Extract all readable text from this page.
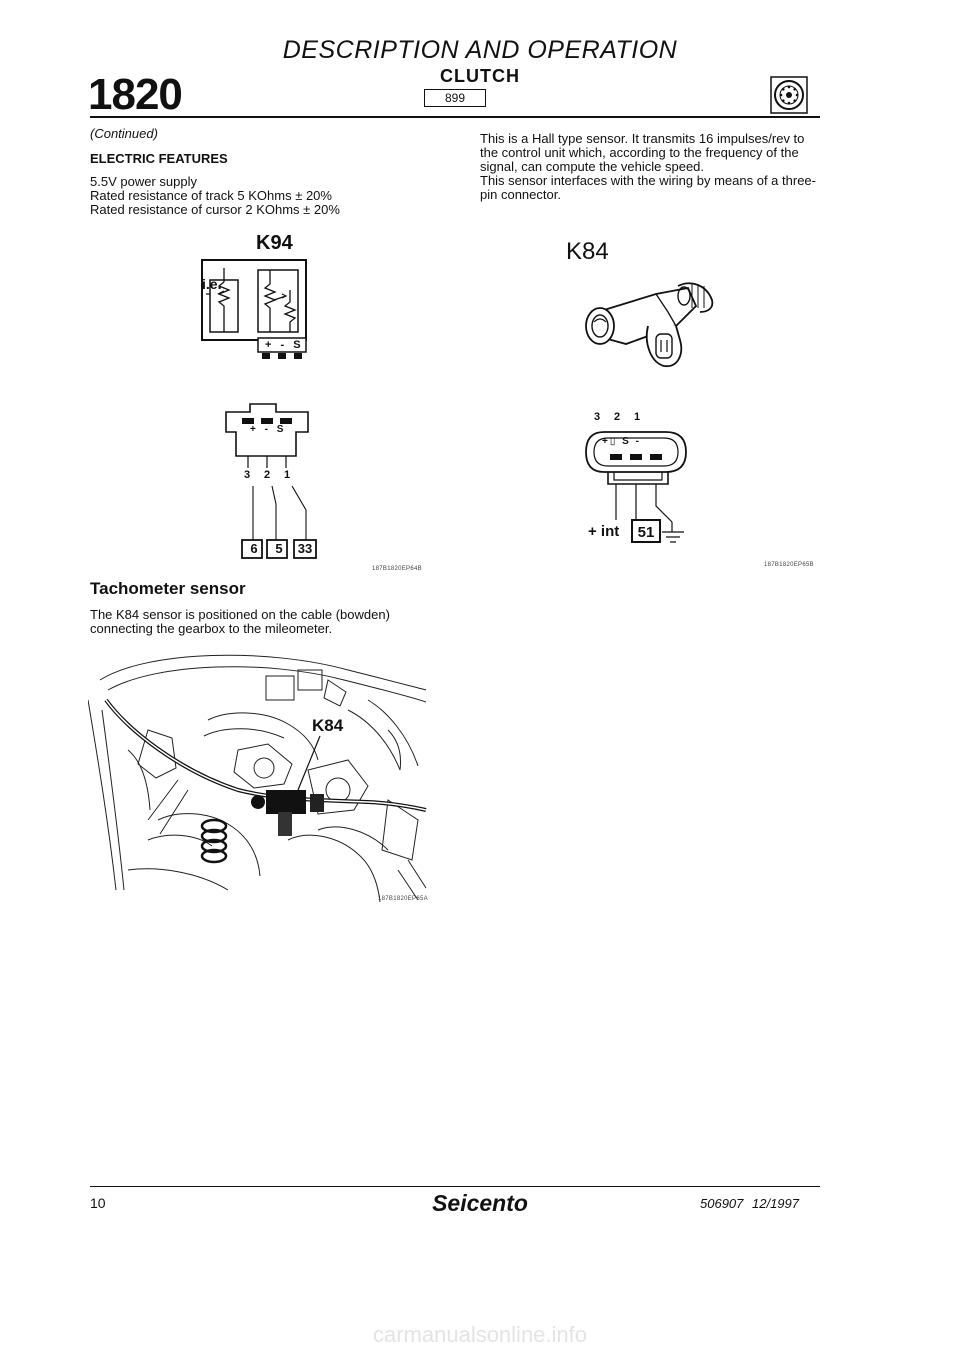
DESCRIPTION AND OPERATION
CLUTCH
899
1820
(Continued)
ELECTRIC FEATURES
5.5V power supply
Rated resistance of track 5 KOhms ± 20%
Rated resistance of cursor 2 KOhms ± 20%
This is a Hall type sensor. It transmits 16 impulses/rev to the control unit which, according to the frequency of the signal, can compute the vehicle speed.
This sensor interfaces with the wiring by means of a three-pin connector.
K94
i.e.
+ - S
+ - S
3 2 1
6	5	33
187B1820EP64B
K84
3 2 1
+▯ S -
+ int	51
187B1820EP65B
Tachometer sensor
The K84 sensor is positioned on the cable (bowden) connecting the gearbox to the mileometer.
K84
187B1820EP65A
10	Seicento	506907 12/1997
carmanualsonline.info
